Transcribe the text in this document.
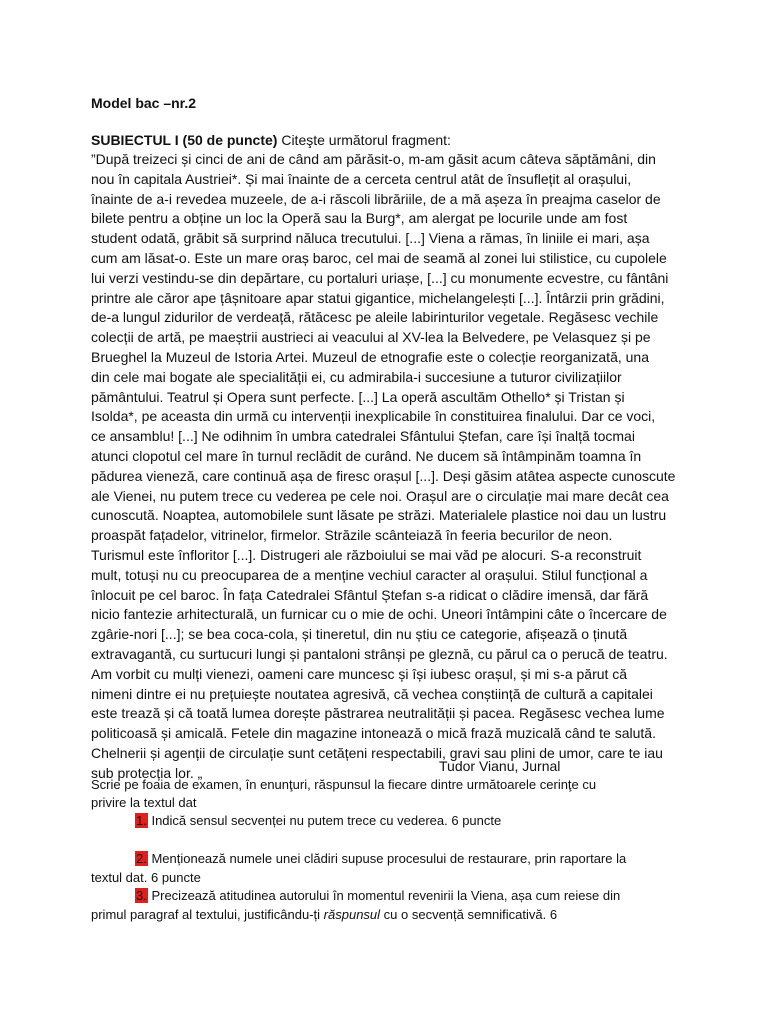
Model bac –nr.2
SUBIECTUL I (50 de puncte) Citeşte următorul fragment:
”După treizeci și cinci de ani de când am părăsit-o, m-am găsit acum câteva săptămâni, din
nou în capitala Austriei*. Și mai înainte de a cerceta centrul atât de însuflețit al orașului,
înainte de a-i revedea muzeele, de a-i răscoli librăriile, de a mă așeza în preajma caselor de
bilete pentru a obține un loc la Operă sau la Burg*, am alergat pe locurile unde am fost
student odată, grăbit să surprind năluca trecutului. [...] Viena a rămas, în liniile ei mari, așa
cum am lăsat-o. Este un mare oraș baroc, cel mai de seamă al zonei lui stilistice, cu cupolele
lui verzi vestindu-se din depărtare, cu portaluri uriașe, [...] cu monumente ecvestre, cu fântâni
printre ale căror ape țâșnitoare apar statui gigantice, michelangelești [...]. Întârzii prin grădini,
de-a lungul zidurilor de verdeață, rătăcesc pe aleile labirinturilor vegetale. Regăsesc vechile
colecții de artă, pe maeștrii austrieci ai veacului al XV-lea la Belvedere, pe Velasquez și pe
Brueghel la Muzeul de Istoria Artei. Muzeul de etnografie este o colecție reorganizată, una
din cele mai bogate ale specialității ei, cu admirabila-i succesiune a tuturor civilizațiilor
pământului. Teatrul și Opera sunt perfecte. [...] La operă ascultăm Othello* și Tristan și
Isolda*, pe aceasta din urmă cu intervenții inexplicabile în constituirea finalului. Dar ce voci,
ce ansamblu! [...] Ne odihnim în umbra catedralei Sfântului Ștefan, care își înalță tocmai
atunci clopotul cel mare în turnul reclădit de curând. Ne ducem să întâmpinăm toamna în
pădurea vieneză, care continuă așa de firesc orașul [...]. Deși găsim atâtea aspecte cunoscute
ale Vienei, nu putem trece cu vederea pe cele noi. Orașul are o circulație mai mare decât cea
cunoscută. Noaptea, automobilele sunt lăsate pe străzi. Materialele plastice noi dau un lustru
proaspăt fațadelor, vitrinelor, firmelor. Străzile scânteiază în feeria becurilor de neon.
Turismul este înfloritor [...]. Distrugeri ale războiului se mai văd pe alocuri. S-a reconstruit
mult, totuși nu cu preocuparea de a menține vechiul caracter al orașului. Stilul funcțional a
înlocuit pe cel baroc. În fața Catedralei Sfântul Ștefan s-a ridicat o clădire imensă, dar fără
nicio fantezie arhitecturală, un furnicar cu o mie de ochi. Uneori întâmpini câte o încercare de
zgârie-nori [...]; se bea coca-cola, și tineretul, din nu știu ce categorie, afișează o ținută
extravagantă, cu surtucuri lungi și pantaloni strânși pe gleznă, cu părul ca o perucă de teatru.
Am vorbit cu mulți vienezi, oameni care muncesc și își iubesc orașul, și mi s-a părut că
nimeni dintre ei nu prețuiește noutatea agresivă, că vechea conștiință de cultură a capitalei
este trează și că toată lumea dorește păstrarea neutralității și pacea. Regăsesc vechea lume
politicoasă și amicală. Fetele din magazine intonează o mică frază muzicală când te salută.
Chelnerii și agenții de circulație sunt cetățeni respectabili, gravi sau plini de umor, care te iau
sub protecția lor. „	Tudor Vianu, Jurnal
Scrie pe foaia de examen, în enunţuri, răspunsul la fiecare dintre următoarele cerinţe cu
privire la textul dat
1. Indică sensul secvenței nu putem trece cu vederea. 6 puncte
2. Menționează numele unei clădiri supuse procesului de restaurare, prin raportare la
textul dat. 6 puncte
3. Precizează atitudinea autorului în momentul revenirii la Viena, așa cum reiese din
primul paragraf al textului, justificându-ți răspunsul cu o secvență semnificativă. 6
